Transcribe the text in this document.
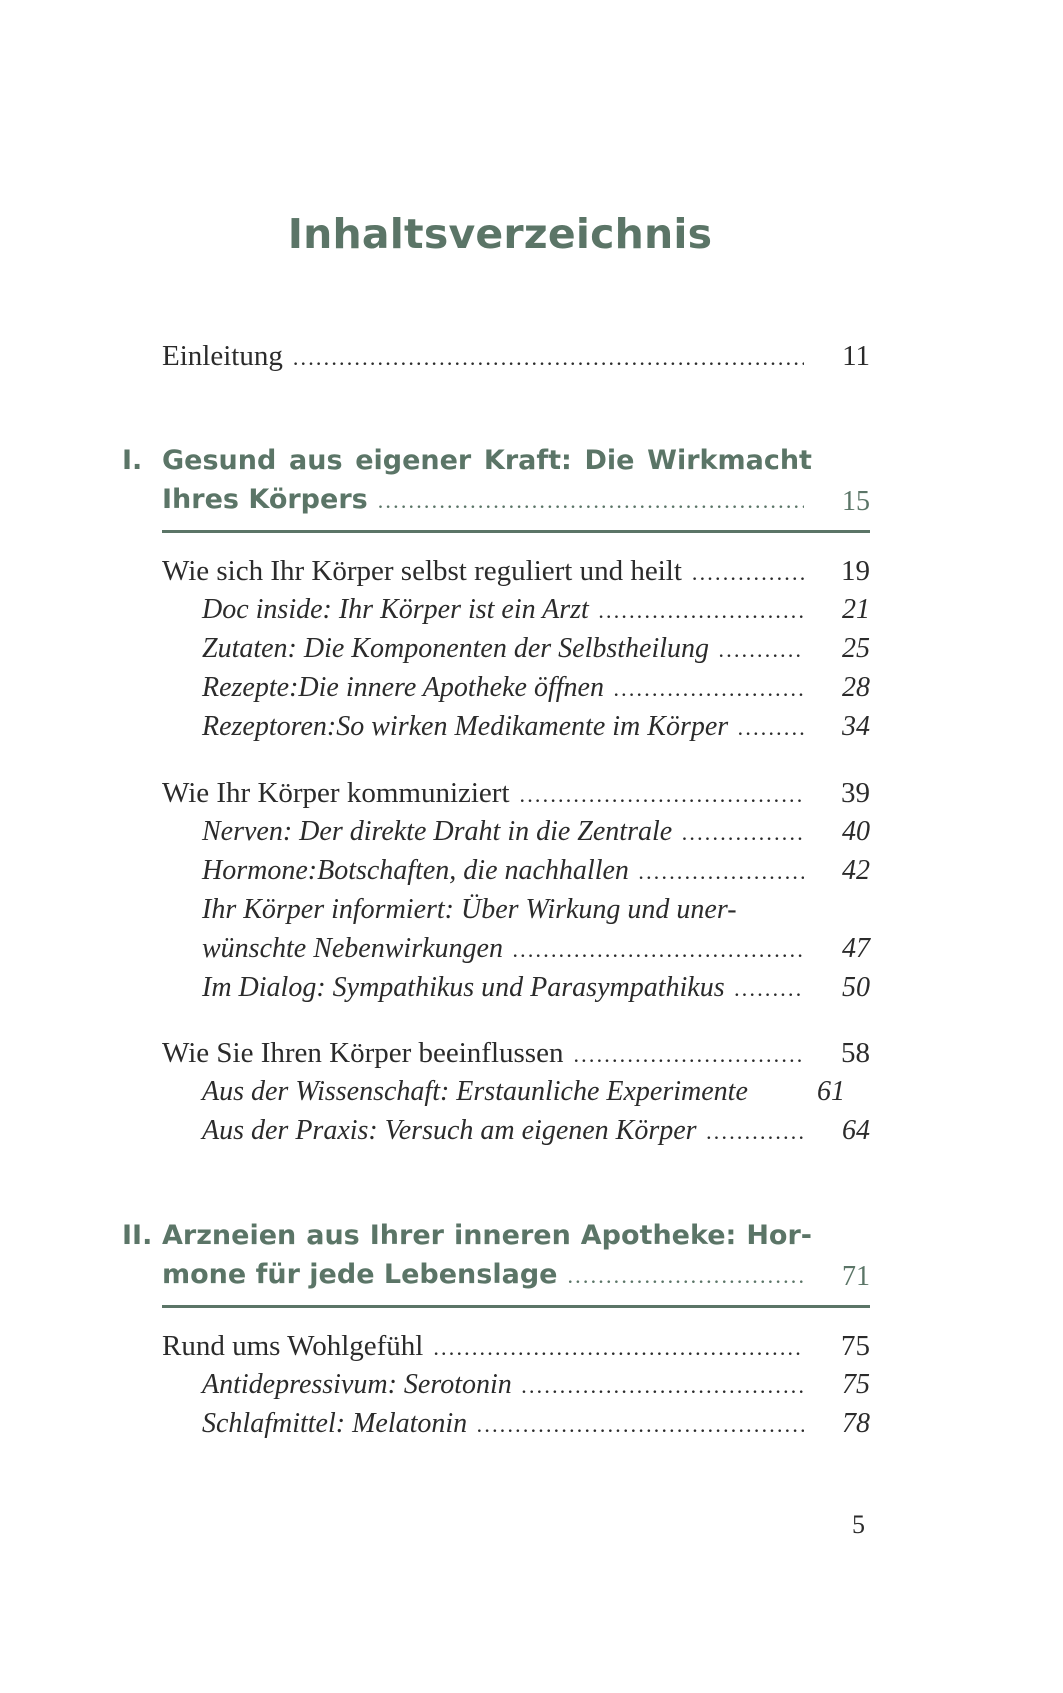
Inhaltsverzeichnis
Einleitung .....	11
I. Gesund aus eigener Kraft: Die Wirkmacht
Ihres Körpers .....	15
Wie sich Ihr Körper selbst reguliert und heilt .....	19
Doc inside: Ihr Körper ist ein Arzt .....	21
Zutaten: Die Komponenten der Selbstheilung .....	25
Rezepte:Die innere Apotheke öffnen .....	28
Rezeptoren:So wirken Medikamente im Körper .....	34
Wie Ihr Körper kommuniziert .....	39
Nerven: Der direkte Draht in die Zentrale .....	40
Hormone:Botschaften, die nachhallen .....	42
Ihr Körper informiert: Über Wirkung und uner-
wünschte Nebenwirkungen .....	47
Im Dialog: Sympathikus und Parasympathikus .....	50
Wie Sie Ihren Körper beeinflussen .....	58
Aus der Wissenschaft: Erstaunliche Experimente	61
Aus der Praxis: Versuch am eigenen Körper .....	64
II. Arzneien aus Ihrer inneren Apotheke: Hor-
mone für jede Lebenslage .....	71
Rund ums Wohlgefühl .....	75
Antidepressivum: Serotonin .....	75
Schlafmittel: Melatonin .....	78
5
